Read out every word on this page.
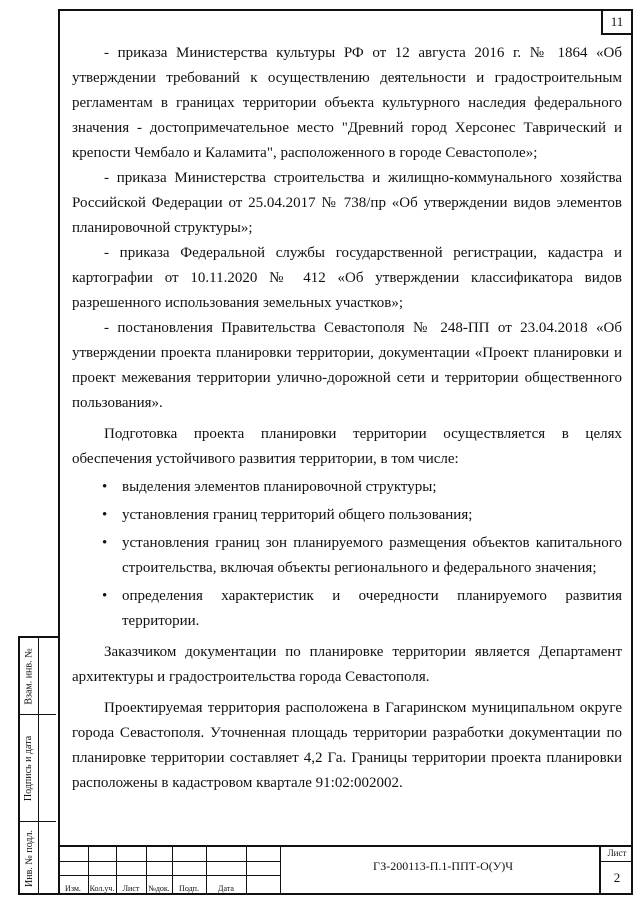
11

- приказа Министерства культуры РФ от 12 августа 2016 г. № 1864 «Об утверждении требований к осуществлению деятельности и градостроительным регламентам в границах территории объекта культурного наследия федерального значения - достопримечательное место "Древний город Херсонес Таврический и крепости Чембало и Каламита", расположенного в городе Севастополе»;

- приказа Министерства строительства и жилищно-коммунального хозяйства Российской Федерации от 25.04.2017 № 738/пр «Об утверждении видов элементов планировочной структуры»;

- приказа Федеральной службы государственной регистрации, кадастра и картографии от 10.11.2020 № 412 «Об утверждении классификатора видов разрешенного использования земельных участков»;

- постановления Правительства Севастополя № 248-ПП от 23.04.2018 «Об утверждении проекта планировки территории, документации «Проект планировки и проект межевания территории улично-дорожной сети и территории общественного пользования».

Подготовка проекта планировки территории осуществляется в целях обеспечения устойчивого развития территории, в том числе:

• выделения элементов планировочной структуры;
• установления границ территорий общего пользования;
• установления границ зон планируемого размещения объектов капитального строительства, включая объекты регионального и федерального значения;
• определения характеристик и очередности планируемого развития территории.

Заказчиком документации по планировке территории является Департамент архитектуры и градостроительства города Севастополя.

Проектируемая территория расположена в Гагаринском муниципальном округе города Севастополя. Уточненная площадь территории разработки документации по планировке территории составляет 4,2 Га. Границы территории проекта планировки расположены в кадастровом квартале 91:02:002002.

Взам. инв. №
Подпись и дата
Инв. № подл.
Изм.	Кол.уч.	Лист	№док.	Подп.	Дата
ГЗ-200113-П.1-ППТ-О(У)Ч
Лист
2
